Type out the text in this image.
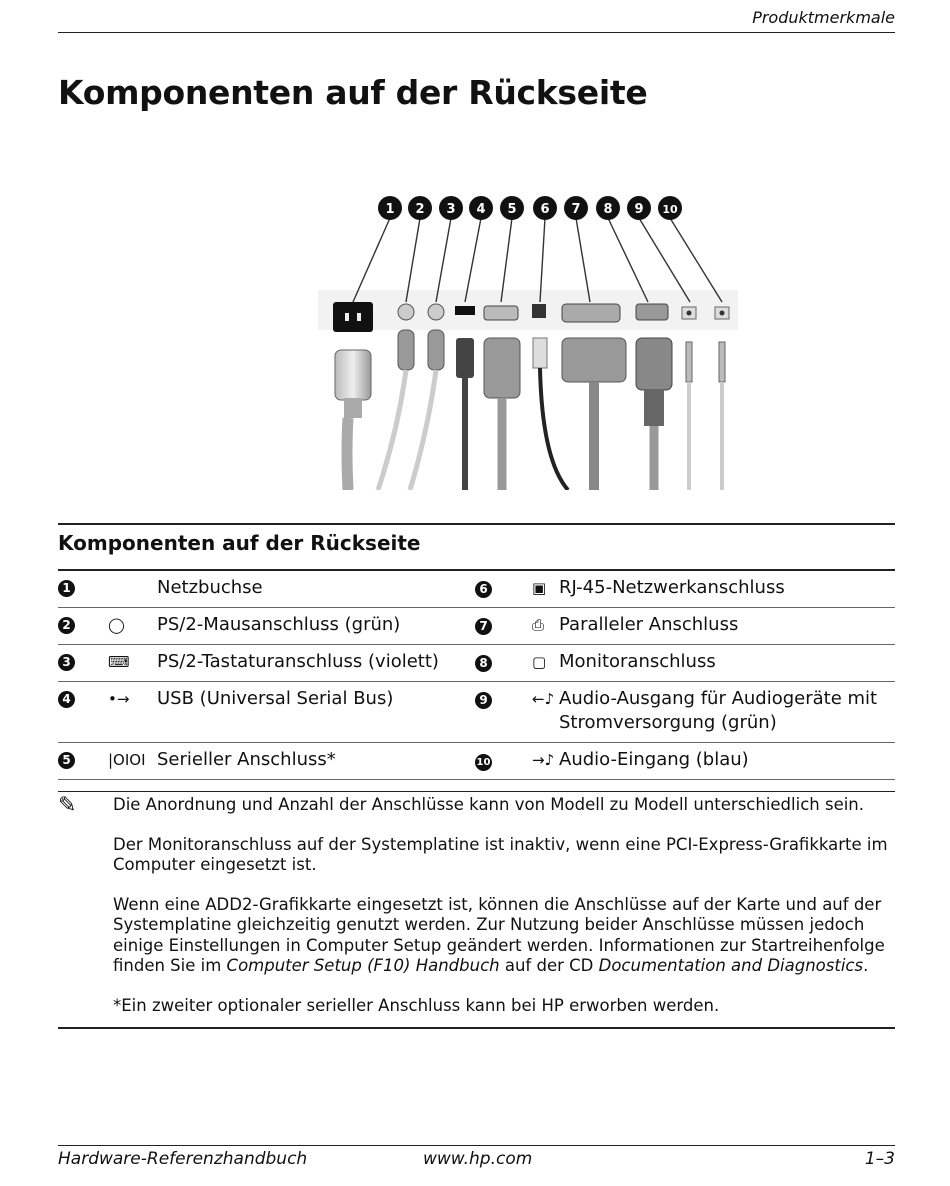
Produktmerkmale
Komponenten auf der Rückseite
1 2 3 4 5 6 7 8 9 10
Komponenten auf der Rückseite
1		Netzbuchse	6	▣	RJ-45-Netzwerkanschluss
2	◯	PS/2-Mausanschluss (grün)	7	⎙	Paralleler Anschluss
3	⌨	PS/2-Tastaturanschluss (violett)	8	▢	Monitoranschluss
4	•→	USB (Universal Serial Bus)	9	←♪	Audio-Ausgang für Audiogeräte mit Stromversorgung (grün)
5	|OIOI	Serieller Anschluss*	10	→♪	Audio-Eingang (blau)
✎ Die Anordnung und Anzahl der Anschlüsse kann von Modell zu Modell unterschiedlich sein.

Der Monitoranschluss auf der Systemplatine ist inaktiv, wenn eine PCI-Express-Grafikkarte im Computer eingesetzt ist.

Wenn eine ADD2-Grafikkarte eingesetzt ist, können die Anschlüsse auf der Karte und auf der Systemplatine gleichzeitig genutzt werden. Zur Nutzung beider Anschlüsse müssen jedoch einige Einstellungen in Computer Setup geändert werden. Informationen zur Startreihenfolge finden Sie im Computer Setup (F10) Handbuch auf der CD Documentation and Diagnostics.

*Ein zweiter optionaler serieller Anschluss kann bei HP erworben werden.

Hardware-Referenzhandbuch	www.hp.com	1–3
